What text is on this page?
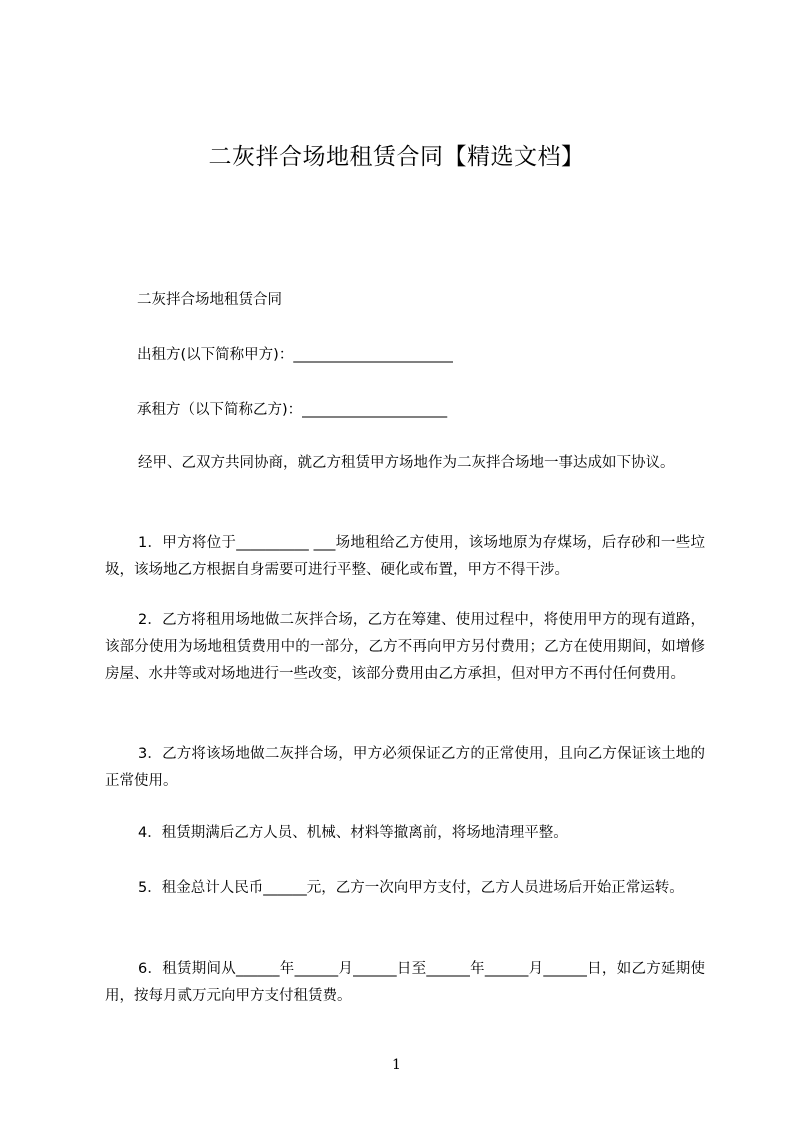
二灰拌合场地租赁合同【精选文档】
二灰拌合场地租赁合同
出租方(以下简称甲方)：______________________
承租方（以下简称乙方)：____________________
经甲、乙双方共同协商，就乙方租赁甲方场地作为二灰拌合场地一事达成如下协议。
1．甲方将位于__________ ___场地租给乙方使用，该场地原为存煤场，后存砂和一些垃圾，该场地乙方根据自身需要可进行平整、硬化或布置，甲方不得干涉。
2．乙方将租用场地做二灰拌合场，乙方在筹建、使用过程中，将使用甲方的现有道路，该部分使用为场地租赁费用中的一部分，乙方不再向甲方另付费用；乙方在使用期间，如增修房屋、水井等或对场地进行一些改变，该部分费用由乙方承担，但对甲方不再付任何费用。
3．乙方将该场地做二灰拌合场，甲方必须保证乙方的正常使用，且向乙方保证该土地的正常使用。
4．租赁期满后乙方人员、机械、材料等撤离前，将场地清理平整。
5．租金总计人民币______元，乙方一次向甲方支付，乙方人员进场后开始正常运转。
6．租赁期间从______年______月______日至______年______月______日，如乙方延期使用，按每月贰万元向甲方支付租赁费。
1
